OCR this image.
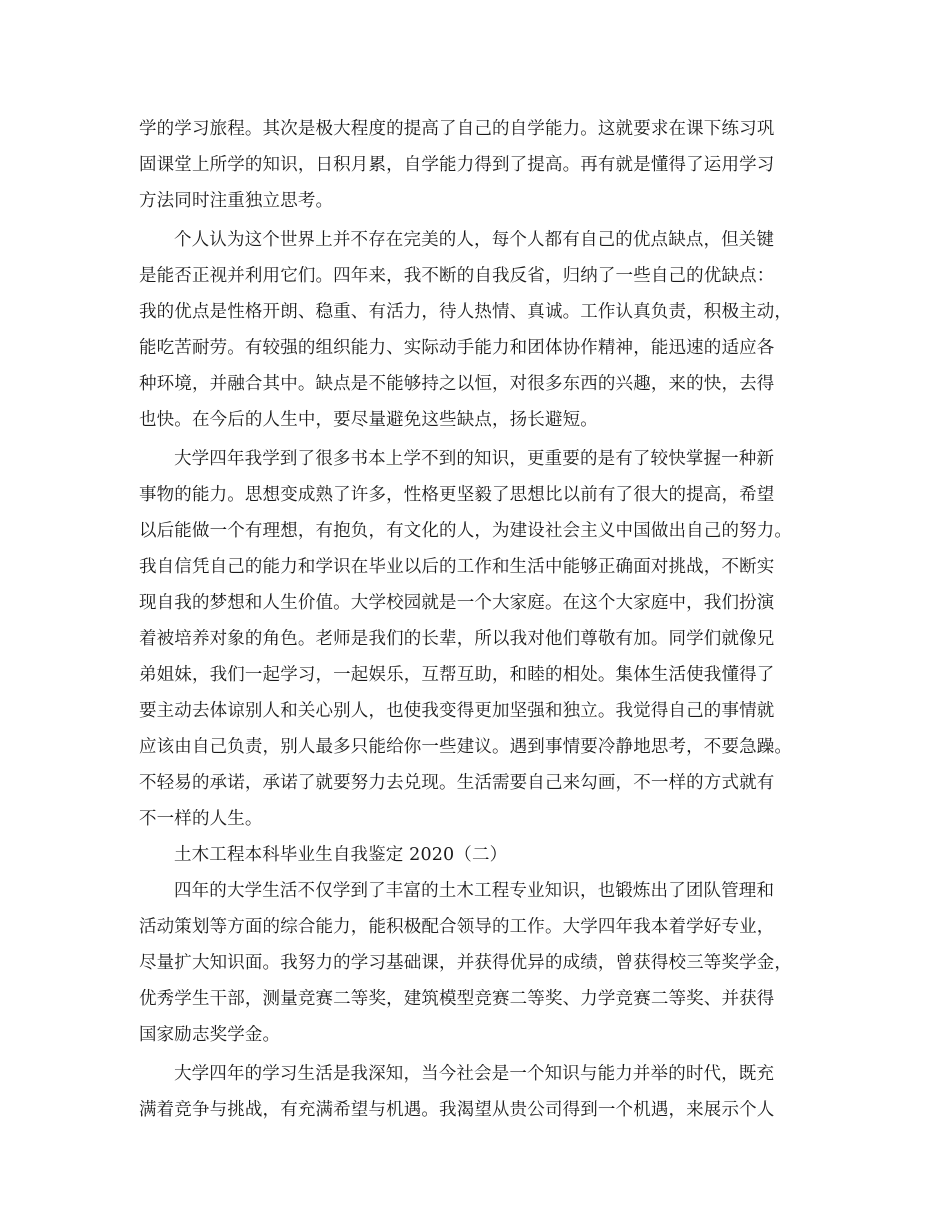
学的学习旅程。其次是极大程度的提高了自己的自学能力。这就要求在课下练习巩
固课堂上所学的知识，日积月累，自学能力得到了提高。再有就是懂得了运用学习
方法同时注重独立思考。
个人认为这个世界上并不存在完美的人，每个人都有自己的优点缺点，但关键
是能否正视并利用它们。四年来，我不断的自我反省，归纳了一些自己的优缺点：
我的优点是性格开朗、稳重、有活力，待人热情、真诚。工作认真负责，积极主动，
能吃苦耐劳。有较强的组织能力、实际动手能力和团体协作精神，能迅速的适应各
种环境，并融合其中。缺点是不能够持之以恒，对很多东西的兴趣，来的快，去得
也快。在今后的人生中，要尽量避免这些缺点，扬长避短。
大学四年我学到了很多书本上学不到的知识，更重要的是有了较快掌握一种新
事物的能力。思想变成熟了许多，性格更坚毅了思想比以前有了很大的提高，希望
以后能做一个有理想，有抱负，有文化的人，为建设社会主义中国做出自己的努力。
我自信凭自己的能力和学识在毕业以后的工作和生活中能够正确面对挑战，不断实
现自我的梦想和人生价值。大学校园就是一个大家庭。在这个大家庭中，我们扮演
着被培养对象的角色。老师是我们的长辈，所以我对他们尊敬有加。同学们就像兄
弟姐妹，我们一起学习，一起娱乐，互帮互助，和睦的相处。集体生活使我懂得了
要主动去体谅别人和关心别人，也使我变得更加坚强和独立。我觉得自己的事情就
应该由自己负责，别人最多只能给你一些建议。遇到事情要冷静地思考，不要急躁。
不轻易的承诺，承诺了就要努力去兑现。生活需要自己来勾画，不一样的方式就有
不一样的人生。
土木工程本科毕业生自我鉴定 2020（二）
四年的大学生活不仅学到了丰富的土木工程专业知识，也锻炼出了团队管理和
活动策划等方面的综合能力，能积极配合领导的工作。大学四年我本着学好专业，
尽量扩大知识面。我努力的学习基础课，并获得优异的成绩，曾获得校三等奖学金，
优秀学生干部，测量竞赛二等奖，建筑模型竞赛二等奖、力学竞赛二等奖、并获得
国家励志奖学金。
大学四年的学习生活是我深知，当今社会是一个知识与能力并举的时代，既充
满着竞争与挑战，有充满希望与机遇。我渴望从贵公司得到一个机遇，来展示个人
